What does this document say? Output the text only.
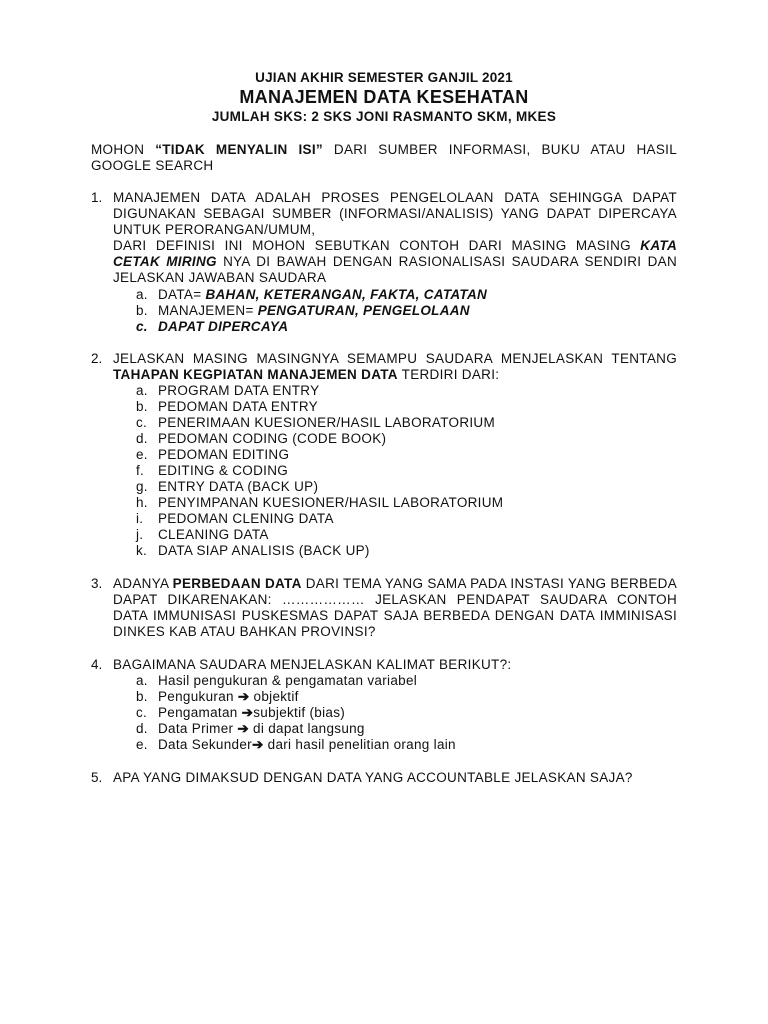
UJIAN AKHIR SEMESTER GANJIL 2021
MANAJEMEN DATA KESEHATAN
JUMLAH SKS: 2 SKS JONI RASMANTO SKM, MKES
MOHON “TIDAK MENYALIN ISI” DARI SUMBER INFORMASI, BUKU ATAU HASIL GOOGLE SEARCH
1. MANAJEMEN DATA ADALAH PROSES PENGELOLAAN DATA SEHINGGA DAPAT DIGUNAKAN SEBAGAI SUMBER (INFORMASI/ANALISIS) YANG DAPAT DIPERCAYA UNTUK PERORANGAN/UMUM,
DARI DEFINISI INI MOHON SEBUTKAN CONTOH DARI MASING MASING KATA CETAK MIRING NYA DI BAWAH DENGAN RASIONALISASI SAUDARA SENDIRI DAN JELASKAN JAWABAN SAUDARA
a. DATA= BAHAN, KETERANGAN, FAKTA, CATATAN
b. MANAJEMEN= PENGATURAN, PENGELOLAAN
c. DAPAT DIPERCAYA
2. JELASKAN MASING MASINGNYA SEMAMPU SAUDARA MENJELASKAN TENTANG TAHAPAN KEGPIATAN MANAJEMEN DATA TERDIRI DARI:
a. PROGRAM DATA ENTRY
b. PEDOMAN DATA ENTRY
c. PENERIMAAN KUESIONER/HASIL LABORATORIUM
d. PEDOMAN CODING (CODE BOOK)
e. PEDOMAN EDITING
f. EDITING & CODING
g. ENTRY DATA (BACK UP)
h. PENYIMPANAN KUESIONER/HASIL LABORATORIUM
i. PEDOMAN CLENING DATA
j. CLEANING DATA
k. DATA SIAP ANALISIS (BACK UP)
3. ADANYA PERBEDAAN DATA DARI TEMA YANG SAMA PADA INSTASI YANG BERBEDA DAPAT DIKARENAKAN: ……………… JELASKAN PENDAPAT SAUDARA CONTOH DATA IMMUNISASI PUSKESMAS DAPAT SAJA BERBEDA DENGAN DATA IMMINISASI DINKES KAB ATAU BAHKAN PROVINSI?
4. BAGAIMANA SAUDARA MENJELASKAN KALIMAT BERIKUT?:
a. Hasil pengukuran & pengamatan variabel
b. Pengukuran ➔ objektif
c. Pengamatan ➔subjektif (bias)
d. Data Primer ➔ di dapat langsung
e. Data Sekunder➔ dari hasil penelitian orang lain
5. APA YANG DIMAKSUD DENGAN DATA YANG ACCOUNTABLE JELASKAN SAJA?
